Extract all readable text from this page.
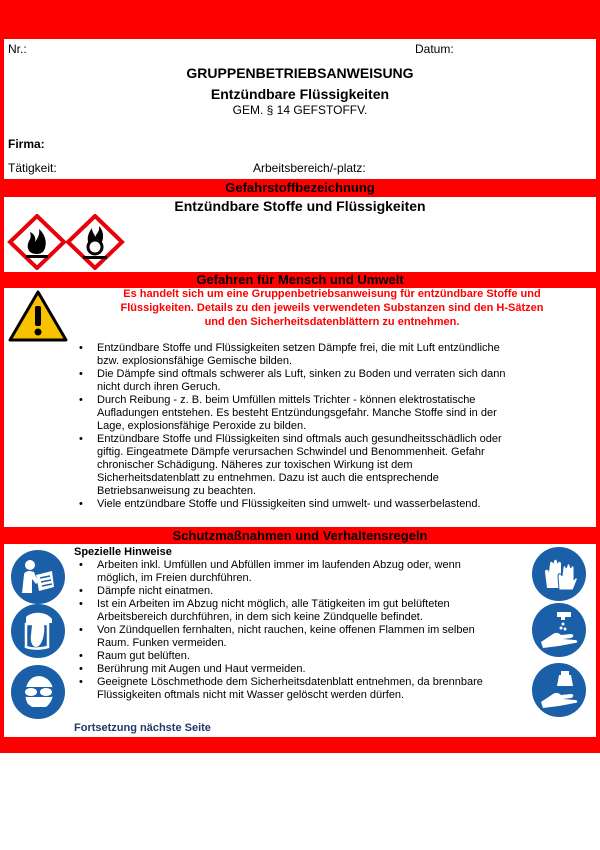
Nr.:	Datum:
GRUPPENBETRIEBSANWEISUNG
Entzündbare Flüssigkeiten
GEM. § 14 GEFSTOFFV.
Firma:
Tätigkeit:	Arbeitsbereich/-platz:
Gefahrstoffbezeichnung
Entzündbare Stoffe und Flüssigkeiten
Gefahren für Mensch und Umwelt
Es handelt sich um eine Gruppenbetriebsanweisung für entzündbare Stoffe und
Flüssigkeiten. Details zu den jeweils verwendeten Substanzen sind den H-Sätzen
und den Sicherheitsdatenblättern zu entnehmen.
• Entzündbare Stoffe und Flüssigkeiten setzen Dämpfe frei, die mit Luft entzündliche
bzw. explosionsfähige Gemische bilden.
• Die Dämpfe sind oftmals schwerer als Luft, sinken zu Boden und verraten sich dann
nicht durch ihren Geruch.
• Durch Reibung - z. B. beim Umfüllen mittels Trichter - können elektrostatische
Aufladungen entstehen. Es besteht Entzündungsgefahr. Manche Stoffe sind in der
Lage, explosionsfähige Peroxide zu bilden.
• Entzündbare Stoffe und Flüssigkeiten sind oftmals auch gesundheitsschädlich oder
giftig. Eingeatmete Dämpfe verursachen Schwindel und Benommenheit. Gefahr
chronischer Schädigung. Näheres zur toxischen Wirkung ist dem
Sicherheitsdatenblatt zu entnehmen. Dazu ist auch die entsprechende
Betriebsanweisung zu beachten.
• Viele entzündbare Stoffe und Flüssigkeiten sind umwelt- und wasserbelastend.
Schutzmaßnahmen und Verhaltensregeln
Spezielle Hinweise
• Arbeiten inkl. Umfüllen und Abfüllen immer im laufenden Abzug oder, wenn
möglich, im Freien durchführen.
• Dämpfe nicht einatmen.
• Ist ein Arbeiten im Abzug nicht möglich, alle Tätigkeiten im gut belüfteten
Arbeitsbereich durchführen, in dem sich keine Zündquelle befindet.
• Von Zündquellen fernhalten, nicht rauchen, keine offenen Flammen im selben
Raum. Funken vermeiden.
• Raum gut belüften.
• Berührung mit Augen und Haut vermeiden.
• Geeignete Löschmethode dem Sicherheitsdatenblatt entnehmen, da brennbare
Flüssigkeiten oftmals nicht mit Wasser gelöscht werden dürfen.
Fortsetzung nächste Seite
